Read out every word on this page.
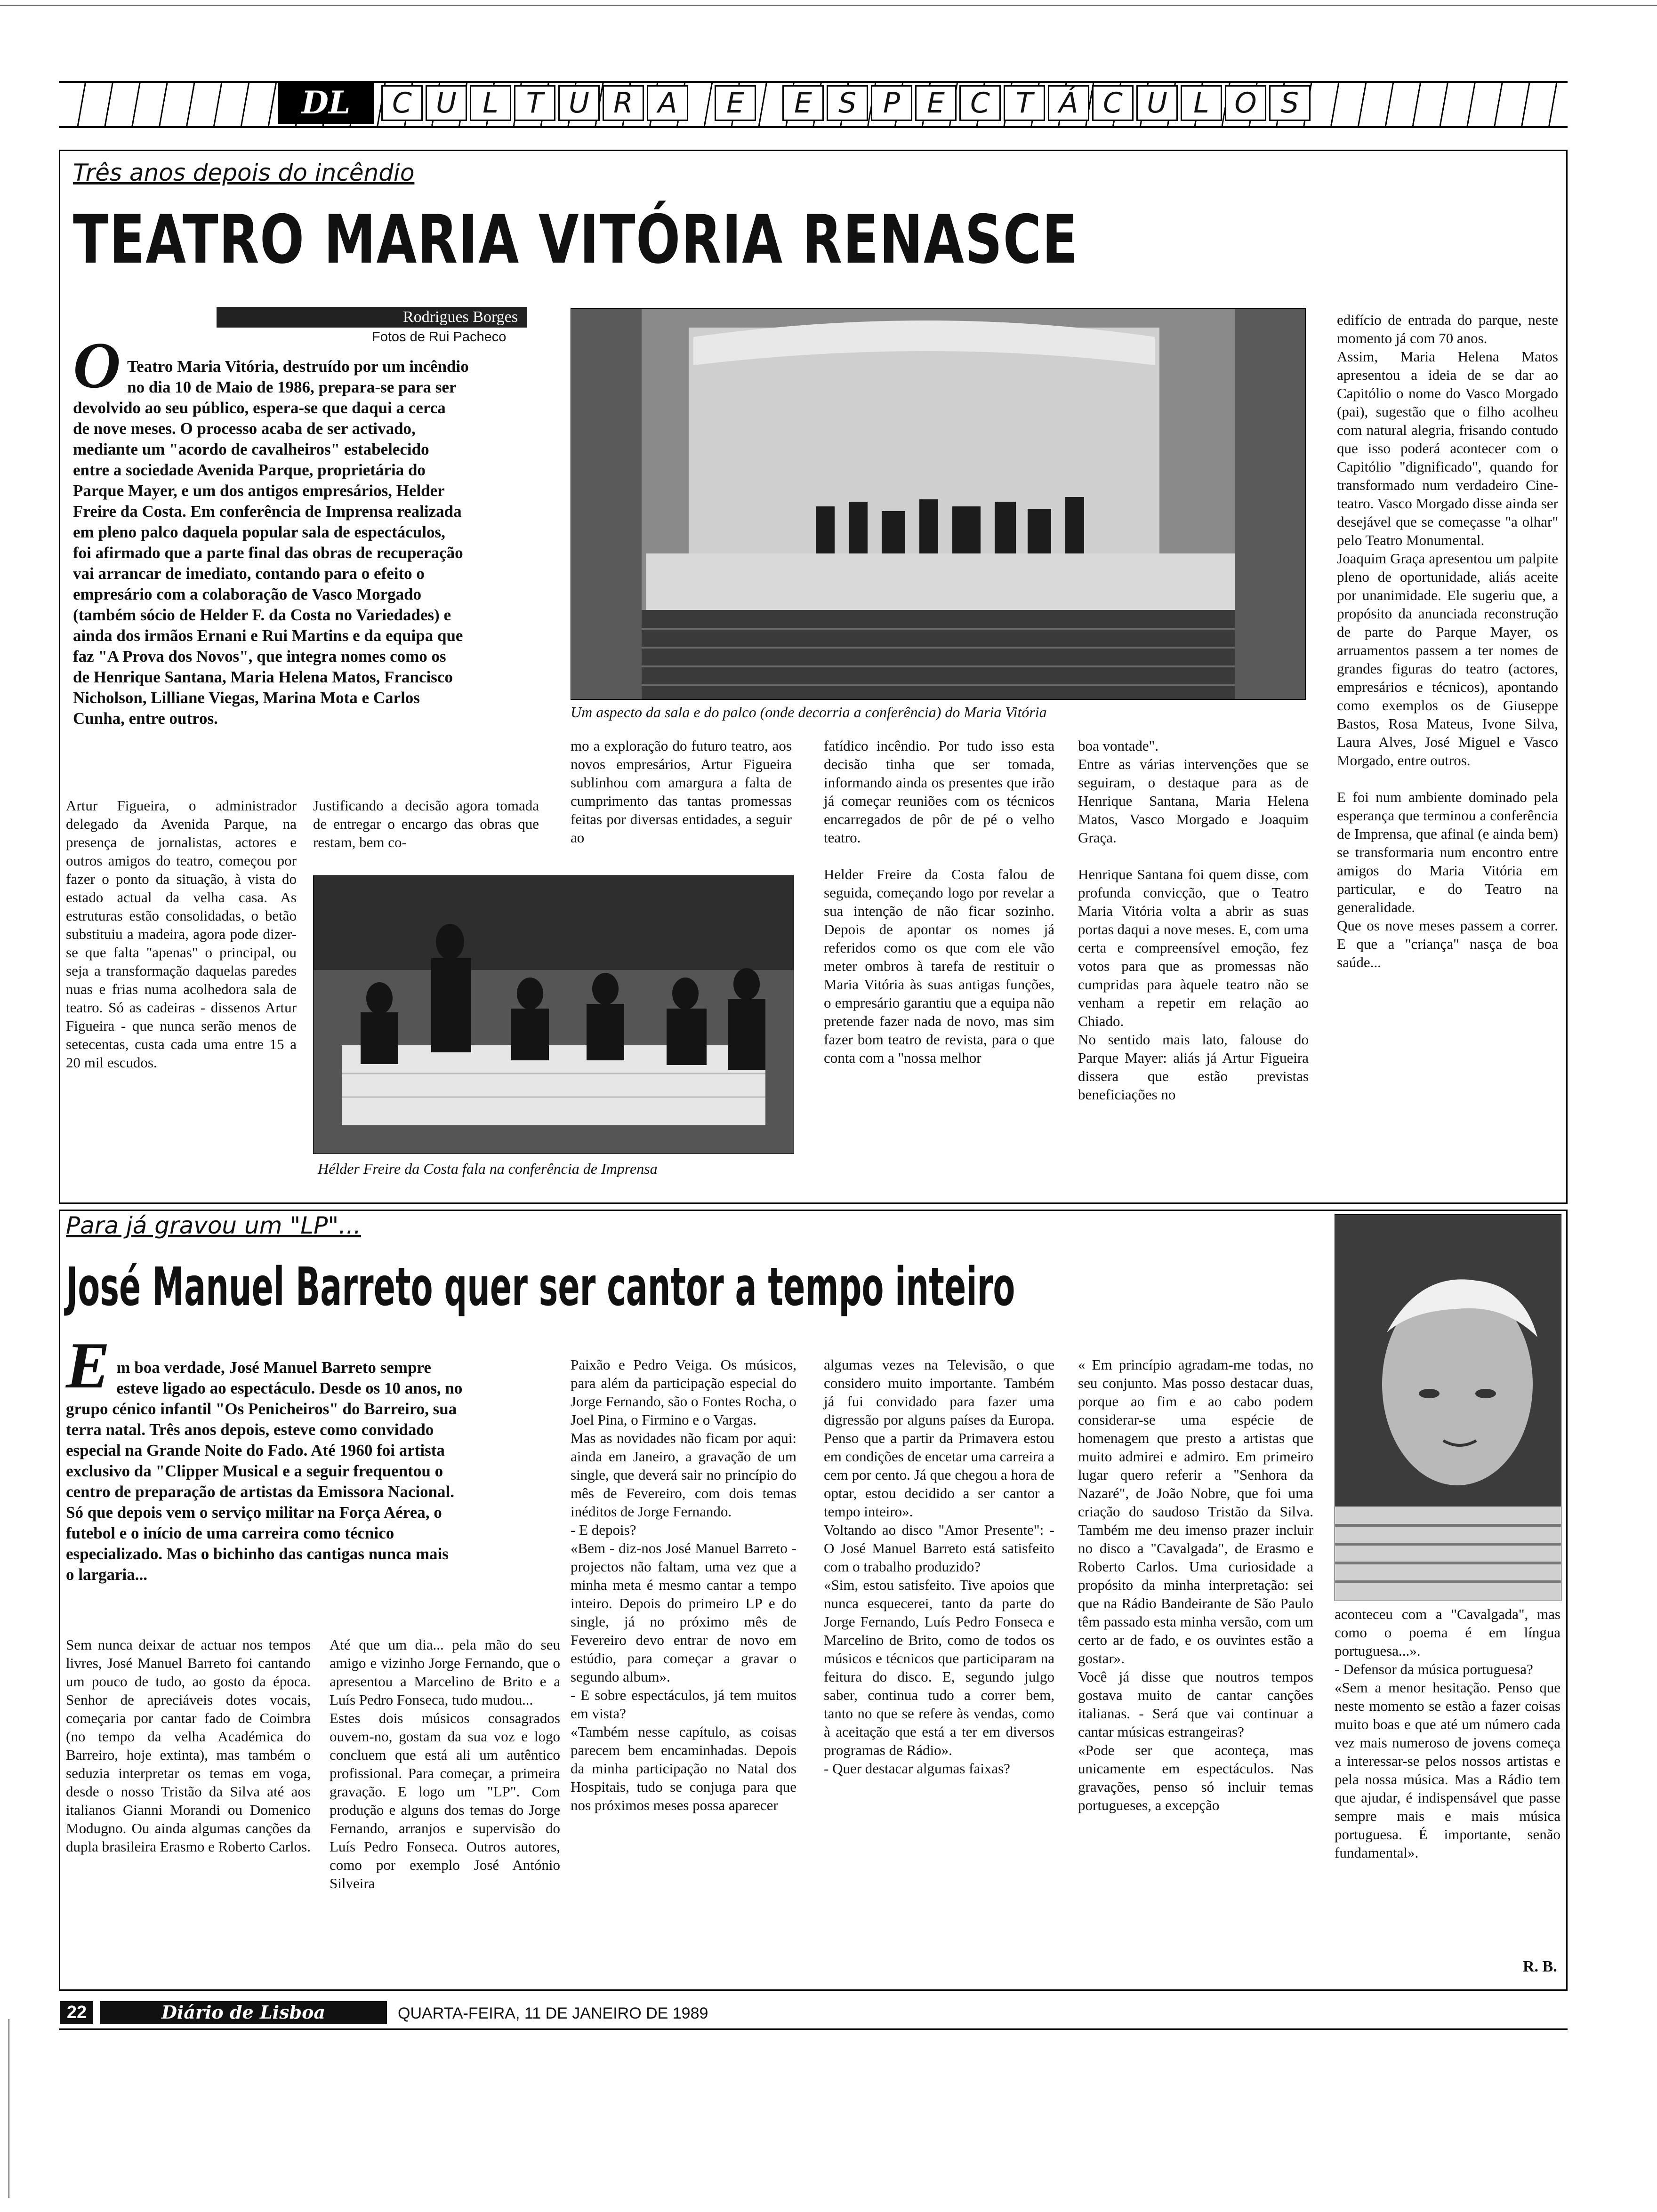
DL	C U L T U R A	E	E S P E C T Á C U L O S
Três anos depois do incêndio
TEATRO MARIA VITÓRIA RENASCE
Rodrigues Borges
Fotos de Rui Pacheco
O Teatro Maria Vitória, destruído por um incêndio
no dia 10 de Maio de 1986, prepara-se para ser
devolvido ao seu público, espera-se que daqui a cerca
de nove meses. O processo acaba de ser activado,
mediante um "acordo de cavalheiros" estabelecido
entre a sociedade Avenida Parque, proprietária do
Parque Mayer, e um dos antigos empresários, Helder
Freire da Costa. Em conferência de Imprensa realizada
em pleno palco daquela popular sala de espectáculos,
foi afirmado que a parte final das obras de recuperação
vai arrancar de imediato, contando para o efeito o
empresário com a colaboração de Vasco Morgado
(também sócio de Helder F. da Costa no Variedades) e
ainda dos irmãos Ernani e Rui Martins e da equipa que
faz "A Prova dos Novos", que integra nomes como os
de Henrique Santana, Maria Helena Matos, Francisco
Nicholson, Lilliane Viegas, Marina Mota e Carlos
Cunha, entre outros.	Um aspecto da sala e do palco (onde decorria a conferência) do Maria Vitória

edifício de entrada do parque, neste momento já com 70 anos.
Assim, Maria Helena Matos apresentou a ideia de se dar ao Capitólio o nome do Vasco Morgado (pai), sugestão que o filho acolheu com natural alegria, frisando contudo que isso poderá acontecer com o Capitólio "dignificado", quando for transformado num verdadeiro Cine-teatro. Vasco Morgado disse ainda ser desejável que se começasse "a olhar" pelo Teatro Monumental.
Joaquim Graça apresentou um palpite pleno de oportunidade, aliás aceite por unanimidade. Ele sugeriu que, a propósito da anunciada reconstrução de parte do Parque Mayer, os arruamentos passem a ter nomes de grandes figuras do teatro (actores, empresários e técnicos), apontando como exemplos os de Giuseppe Bastos, Rosa Mateus, Ivone Silva, Laura Alves, José Miguel e Vasco Morgado, entre outros.

E foi num ambiente dominado pela esperança que terminou a conferência de Imprensa, que afinal (e ainda bem) se transformaria num encontro entre amigos do Maria Vitória em particular, e do Teatro na generalidade.
Que os nove meses passem a correr. E que a "criança" nasça de boa saúde...

Artur Figueira, o administrador delegado da Avenida Parque, na presença de jornalistas, actores e outros amigos do teatro, começou por fazer o ponto da situação, à vista do estado actual da velha casa. As estruturas estão consolidadas, o betão substituiu a madeira, agora pode dizer-se que falta "apenas" o principal, ou seja a transformação daquelas paredes nuas e frias numa acolhedora sala de teatro. Só as cadeiras - dissenos Artur Figueira - que nunca serão menos de setecentas, custa cada uma entre 15 a 20 mil escudos.

Justificando a decisão agora tomada de entregar o encargo das obras que restam, bem co-

Hélder Freire da Costa fala na conferência de Imprensa

mo a exploração do futuro teatro, aos novos empresários, Artur Figueira sublinhou com amargura a falta de cumprimento das tantas promessas feitas por diversas entidades, a seguir ao

fatídico incêndio. Por tudo isso esta decisão tinha que ser tomada, informando ainda os presentes que irão já começar reuniões com os técnicos encarregados de pôr de pé o velho teatro.

Helder Freire da Costa falou de seguida, começando logo por revelar a sua intenção de não ficar sozinho. Depois de apontar os nomes já referidos como os que com ele vão meter ombros à tarefa de restituir o Maria Vitória às suas antigas funções, o empresário garantiu que a equipa não pretende fazer nada de novo, mas sim fazer bom teatro de revista, para o que conta com a "nossa melhor

boa vontade".
Entre as várias intervenções que se seguiram, o destaque para as de Henrique Santana, Maria Helena Matos, Vasco Morgado e Joaquim Graça.

Henrique Santana foi quem disse, com profunda convicção, que o Teatro Maria Vitória volta a abrir as suas portas daqui a nove meses. E, com uma certa e compreensível emoção, fez votos para que as promessas não cumpridas para àquele teatro não se venham a repetir em relação ao Chiado.
No sentido mais lato, falouse do Parque Mayer: aliás já Artur Figueira dissera que estão previstas beneficiações no

Para já gravou um "LP"...
José Manuel Barreto quer ser cantor a tempo inteiro
E m boa verdade, José Manuel Barreto sempre
esteve ligado ao espectáculo. Desde os 10 anos, no
grupo cénico infantil "Os Penicheiros" do Barreiro, sua
terra natal. Três anos depois, esteve como convidado
especial na Grande Noite do Fado. Até 1960 foi artista
exclusivo da "Clipper Musical e a seguir frequentou o
centro de preparação de artistas da Emissora Nacional.
Só que depois vem o serviço militar na Força Aérea, o
futebol e o início de uma carreira como técnico
especializado. Mas o bichinho das cantigas nunca mais
o largaria...

Sem nunca deixar de actuar nos tempos livres, José Manuel Barreto foi cantando um pouco de tudo, ao gosto da época. Senhor de apreciáveis dotes vocais, começaria por cantar fado de Coimbra (no tempo da velha Académica do Barreiro, hoje extinta), mas também o seduzia interpretar os temas em voga, desde o nosso Tristão da Silva até aos italianos Gianni Morandi ou Domenico Modugno. Ou ainda algumas canções da dupla brasileira Erasmo e Roberto Carlos.

Até que um dia... pela mão do seu amigo e vizinho Jorge Fernando, que o apresentou a Marcelino de Brito e a Luís Pedro Fonseca, tudo mudou...
Estes dois músicos consagrados ouvem-no, gostam da sua voz e logo concluem que está ali um autêntico profissional. Para começar, a primeira gravação. E logo um "LP". Com produção e alguns dos temas do Jorge Fernando, arranjos e supervisão do Luís Pedro Fonseca. Outros autores, como por exemplo José António Silveira

Paixão e Pedro Veiga. Os músicos, para além da participação especial do Jorge Fernando, são o Fontes Rocha, o Joel Pina, o Firmino e o Vargas.
Mas as novidades não ficam por aqui: ainda em Janeiro, a gravação de um single, que deverá sair no princípio do mês de Fevereiro, com dois temas inéditos de Jorge Fernando.
- E depois?
«Bem - diz-nos José Manuel Barreto - projectos não faltam, uma vez que a minha meta é mesmo cantar a tempo inteiro. Depois do primeiro LP e do single, já no próximo mês de Fevereiro devo entrar de novo em estúdio, para começar a gravar o segundo album».
- E sobre espectáculos, já tem muitos em vista?
«Também nesse capítulo, as coisas parecem bem encaminhadas. Depois da minha participação no Natal dos Hospitais, tudo se conjuga para que nos próximos meses possa aparecer

algumas vezes na Televisão, o que considero muito importante. Também já fui convidado para fazer uma digressão por alguns países da Europa. Penso que a partir da Primavera estou em condições de encetar uma carreira a cem por cento. Já que chegou a hora de optar, estou decidido a ser cantor a tempo inteiro».
Voltando ao disco "Amor Presente": - O José Manuel Barreto está satisfeito com o trabalho produzido?
«Sim, estou satisfeito. Tive apoios que nunca esquecerei, tanto da parte do Jorge Fernando, Luís Pedro Fonseca e Marcelino de Brito, como de todos os músicos e técnicos que participaram na feitura do disco. E, segundo julgo saber, continua tudo a correr bem, tanto no que se refere às vendas, como à aceitação que está a ter em diversos programas de Rádio».
- Quer destacar algumas faixas?

« Em princípio agradam-me todas, no seu conjunto. Mas posso destacar duas, porque ao fim e ao cabo podem considerar-se uma espécie de homenagem que presto a artistas que muito admirei e admiro. Em primeiro lugar quero referir a "Senhora da Nazaré", de João Nobre, que foi uma criação do saudoso Tristão da Silva. Também me deu imenso prazer incluir no disco a "Cavalgada", de Erasmo e Roberto Carlos. Uma curiosidade a propósito da minha interpretação: sei que na Rádio Bandeirante de São Paulo têm passado esta minha versão, com um certo ar de fado, e os ouvintes estão a gostar».
Você já disse que noutros tempos gostava muito de cantar canções italianas. - Será que vai continuar a cantar músicas estrangeiras?
«Pode ser que aconteça, mas unicamente em espectáculos. Nas gravações, penso só incluir temas portugueses, a excepção

aconteceu com a "Cavalgada", mas como o poema é em língua portuguesa...».
- Defensor da música portuguesa?
«Sem a menor hesitação. Penso que neste momento se estão a fazer coisas muito boas e que até um número cada vez mais numeroso de jovens começa a interessar-se pelos nossos artistas e pela nossa música. Mas a Rádio tem que ajudar, é indispensável que passe sempre mais e mais música portuguesa. É importante, senão fundamental».

R. B.
22	Diário de Lisboa	QUARTA-FEIRA, 11 DE JANEIRO DE 1989
